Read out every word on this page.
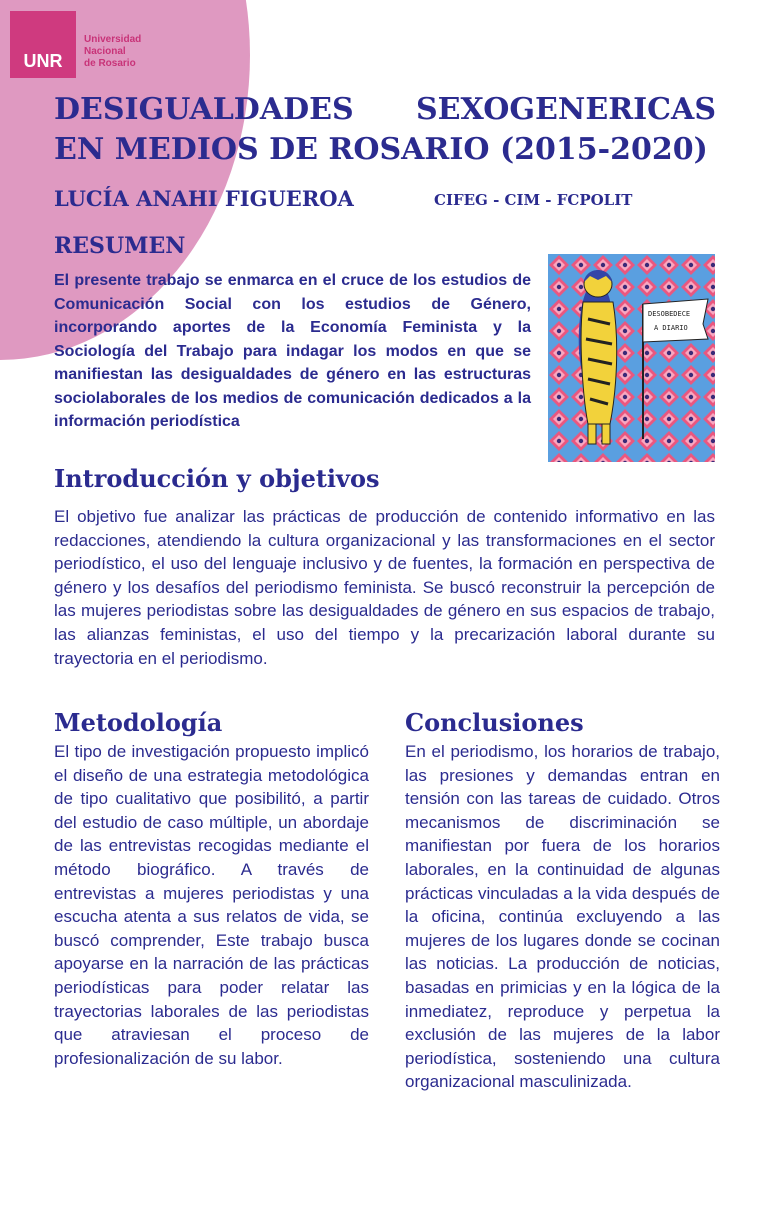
UNR
Universidad
Nacional
de Rosario
DESIGUALDADES SEXOGENERICAS
EN MEDIOS DE ROSARIO (2015-2020)
LUCÍA ANAHI FIGUEROA	CIFEG - CIM - FCPOLIT
RESUMEN

El presente trabajo se enmarca en el cruce de los estudios de Comunicación Social con los estudios de Género, incorporando aportes de la Economía Feminista y la Sociología del Trabajo para indagar los modos en que se manifiestan las desigualdades de género en las estructuras sociolaborales de los medios de comunicación dedicados a la información periodística

DESOBEDECE
A DIARIO
Introducción y objetivos

El objetivo fue analizar las prácticas de producción de contenido informativo en las redacciones, atendiendo la cultura organizacional y las transformaciones en el sector periodístico, el uso del lenguaje inclusivo y de fuentes, la formación en perspectiva de género y los desafíos del periodismo feminista. Se buscó reconstruir la percepción de las mujeres periodistas sobre las desigualdades de género en sus espacios de trabajo, las alianzas feministas, el uso del tiempo y la precarización laboral durante su trayectoria en el periodismo.

Metodología

El tipo de investigación propuesto implicó el diseño de una estrategia metodológica de tipo cualitativo que posibilitó, a partir del estudio de caso múltiple, un abordaje de las entrevistas recogidas mediante el método biográfico. A través de entrevistas a mujeres periodistas y una escucha atenta a sus relatos de vida, se buscó comprender, Este trabajo busca apoyarse en la narración de las prácticas periodísticas para poder relatar las trayectorias laborales de las periodistas que atraviesan el proceso de profesionalización de su labor.

Conclusiones

En el periodismo, los horarios de trabajo, las presiones y demandas entran en tensión con las tareas de cuidado. Otros mecanismos de discriminación se manifiestan por fuera de los horarios laborales, en la continuidad de algunas prácticas vinculadas a la vida después de la oficina, continúa excluyendo a las mujeres de los lugares donde se cocinan las noticias. La producción de noticias, basadas en primicias y en la lógica de la inmediatez, reproduce y perpetua la exclusión de las mujeres de la labor periodística, sosteniendo una cultura organizacional masculinizada.
